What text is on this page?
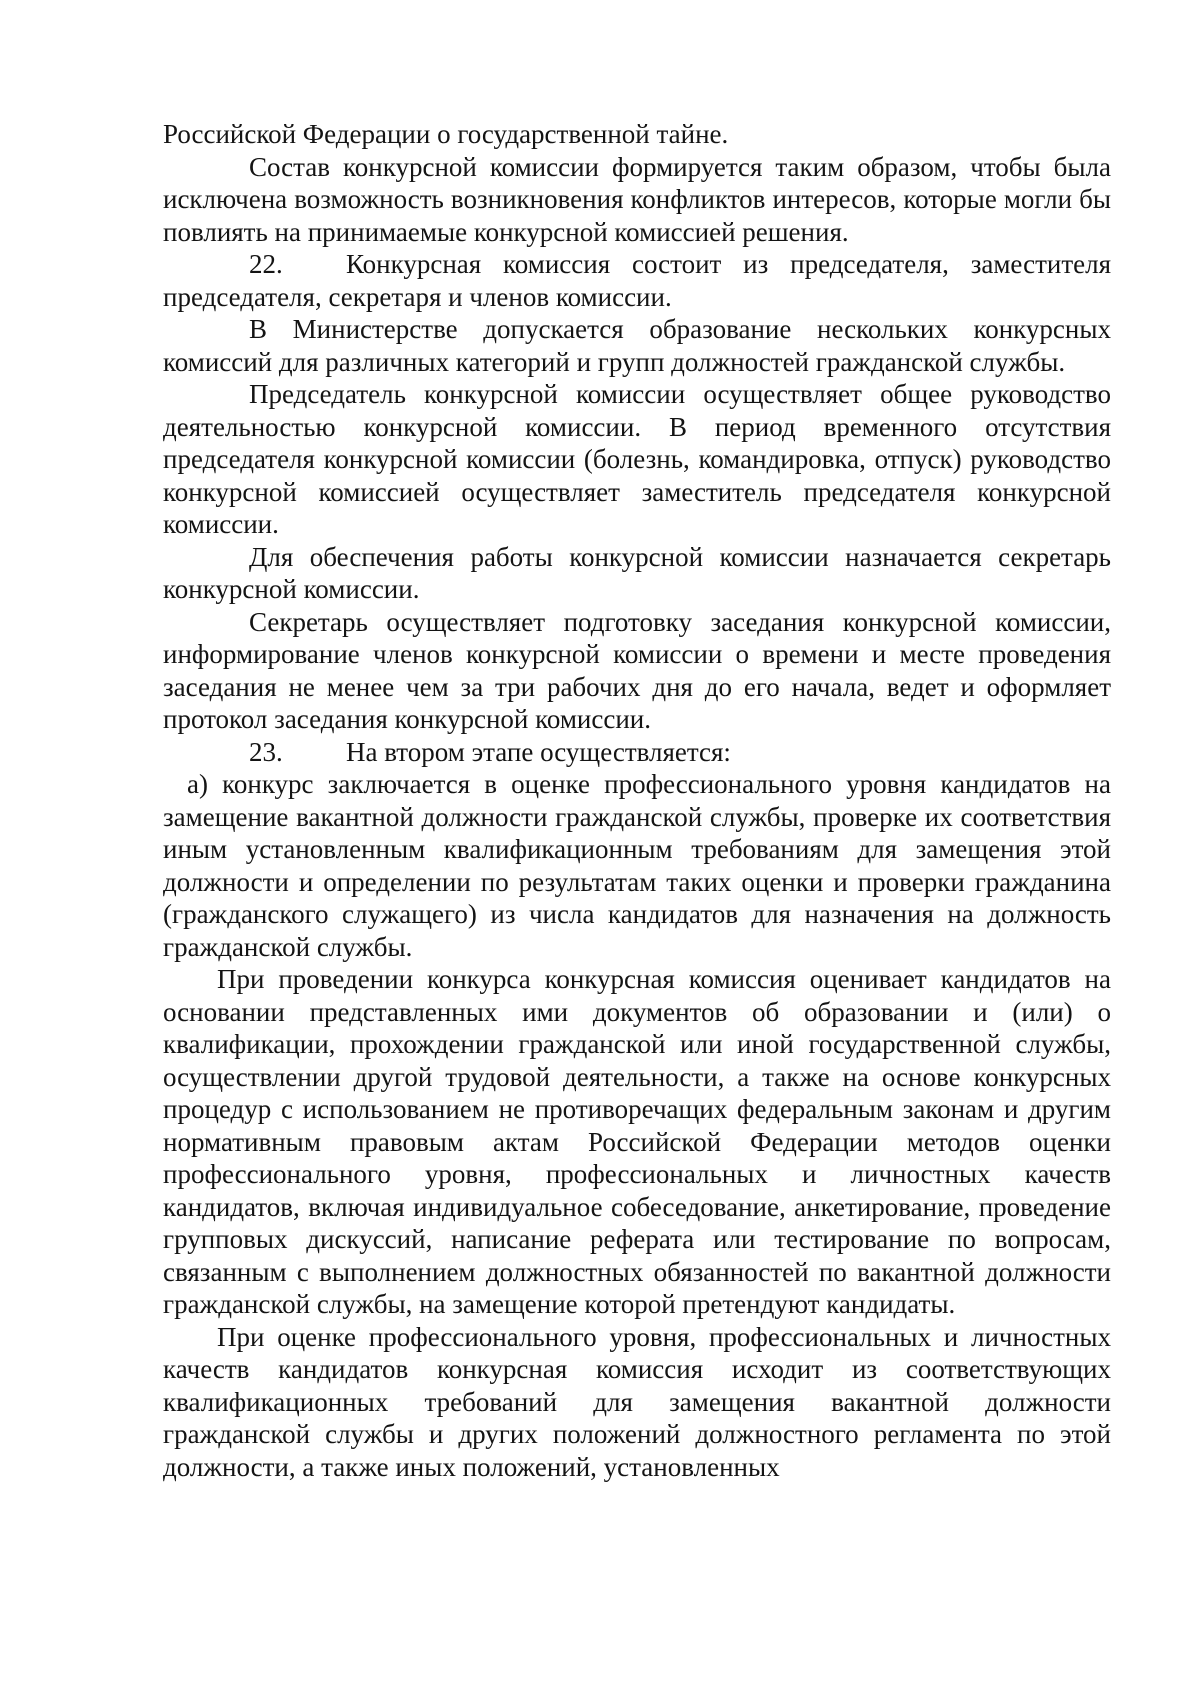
Российской Федерации о государственной тайне.

Состав конкурсной комиссии формируется таким образом, чтобы была исключена возможность возникновения конфликтов интересов, которые могли бы повлиять на принимаемые конкурсной комиссией решения.

22. Конкурсная комиссия состоит из председателя, заместителя председателя, секретаря и членов комиссии.

В Министерстве допускается образование нескольких конкурсных комиссий для различных категорий и групп должностей гражданской службы.

Председатель конкурсной комиссии осуществляет общее руководство деятельностью конкурсной комиссии. В период временного отсутствия председателя конкурсной комиссии (болезнь, командировка, отпуск) руководство конкурсной комиссией осуществляет заместитель председателя конкурсной комиссии.

Для обеспечения работы конкурсной комиссии назначается секретарь конкурсной комиссии.

Секретарь осуществляет подготовку заседания конкурсной комиссии, информирование членов конкурсной комиссии о времени и месте проведения заседания не менее чем за три рабочих дня до его начала, ведет и оформляет протокол заседания конкурсной комиссии.

23. На втором этапе осуществляется:

а) конкурс заключается в оценке профессионального уровня кандидатов на замещение вакантной должности гражданской службы, проверке их соответствия иным установленным квалификационным требованиям для замещения этой должности и определении по результатам таких оценки и проверки гражданина (гражданского служащего) из числа кандидатов для назначения на должность гражданской службы.

При проведении конкурса конкурсная комиссия оценивает кандидатов на основании представленных ими документов об образовании и (или) о квалификации, прохождении гражданской или иной государственной службы, осуществлении другой трудовой деятельности, а также на основе конкурсных процедур с использованием не противоречащих федеральным законам и другим нормативным правовым актам Российской Федерации методов оценки профессионального уровня, профессиональных и личностных качеств кандидатов, включая индивидуальное собеседование, анкетирование, проведение групповых дискуссий, написание реферата или тестирование по вопросам, связанным с выполнением должностных обязанностей по вакантной должности гражданской службы, на замещение которой претендуют кандидаты.

При оценке профессионального уровня, профессиональных и личностных качеств кандидатов конкурсная комиссия исходит из соответствующих квалификационных требований для замещения вакантной должности гражданской службы и других положений должностного регламента по этой должности, а также иных положений, установленных
